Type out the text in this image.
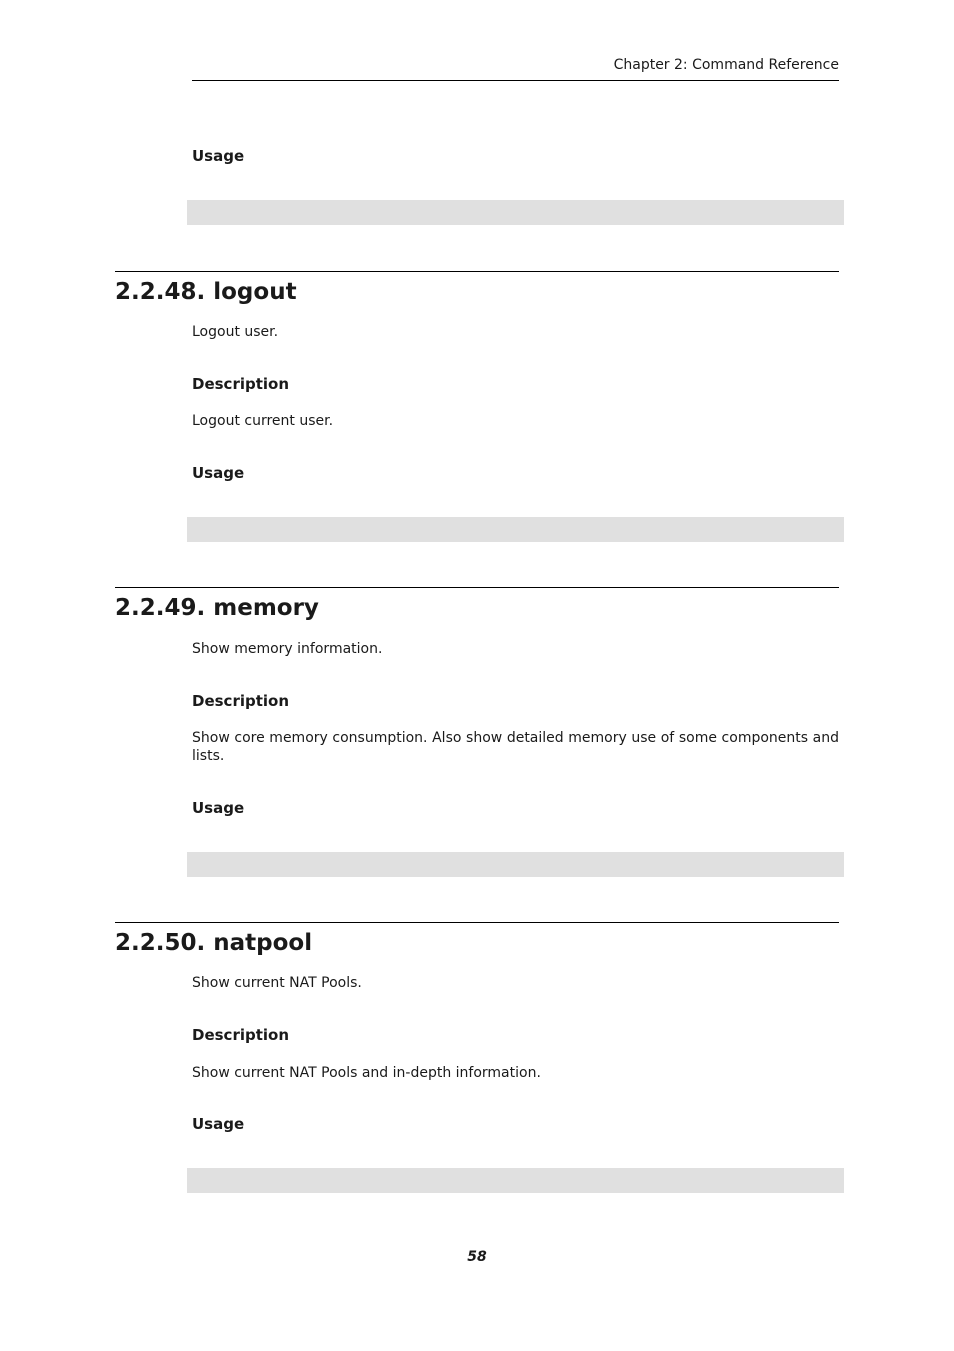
Chapter 2: Command Reference
Usage
2.2.48. logout

Logout user.

Description

Logout current user.

Usage
2.2.49. memory

Show memory information.

Description

Show core memory consumption. Also show detailed memory use of some components and lists.

Usage
2.2.50. natpool

Show current NAT Pools.

Description

Show current NAT Pools and in-depth information.

Usage
58
